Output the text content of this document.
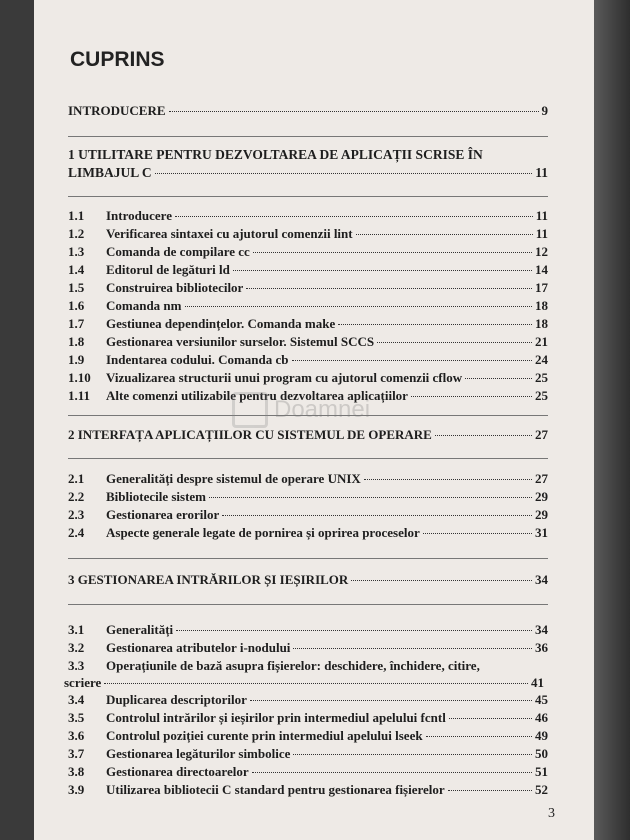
CUPRINS
INTRODUCERE	9
1 UTILITARE PENTRU DEZVOLTAREA DE APLICAȚII SCRISE ÎN
LIMBAJUL C	11
1.1	Introducere	11
1.2	Verificarea sintaxei cu ajutorul comenzii lint	11
1.3	Comanda de compilare cc	12
1.4	Editorul de legături ld	14
1.5	Construirea bibliotecilor	17
1.6	Comanda nm	18
1.7	Gestiunea dependințelor. Comanda make	18
1.8	Gestionarea versiunilor surselor. Sistemul SCCS	21
1.9	Indentarea codului. Comanda cb	24
1.10	Vizualizarea structurii unui program cu ajutorul comenzii cflow	25
1.11	Alte comenzi utilizabile pentru dezvoltarea aplicațiilor	25
2 INTERFAȚA APLICAȚIILOR CU SISTEMUL DE OPERARE	27
2.1	Generalități despre sistemul de operare UNIX	27
2.2	Bibliotecile sistem	29
2.3	Gestionarea erorilor	29
2.4	Aspecte generale legate de pornirea și oprirea proceselor	31
3 GESTIONAREA INTRĂRILOR ȘI IEȘIRILOR	34
3.1	Generalități	34
3.2	Gestionarea atributelor i-nodului	36
3.3	Operațiunile de bază asupra fișierelor: deschidere, închidere, citire,
scriere	41
3.4	Duplicarea descriptorilor	45
3.5	Controlul intrărilor și ieșirilor prin intermediul apelului fcntl	46
3.6	Controlul poziției curente prin intermediul apelului lseek	49
3.7	Gestionarea legăturilor simbolice	50
3.8	Gestionarea directoarelor	51
3.9	Utilizarea bibliotecii C standard pentru gestionarea fișierelor	52
Doamnei
3
